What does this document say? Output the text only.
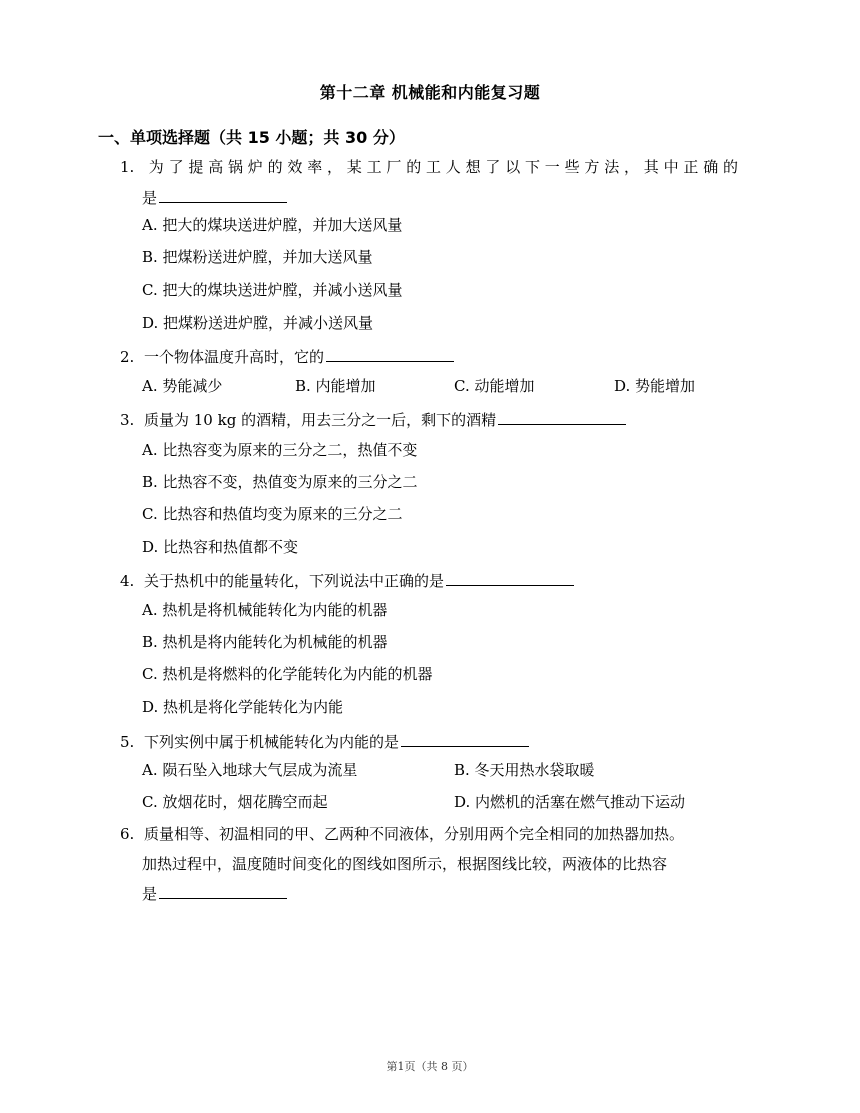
第十二章 机械能和内能复习题
一、单项选择题（共 15 小题；共 30 分）
1. 为了提高锅炉的效率，某工厂的工人想了以下一些方法，其中正确的
是
A. 把大的煤块送进炉膛，并加大送风量
B. 把煤粉送进炉膛，并加大送风量
C. 把大的煤块送进炉膛，并减小送风量
D. 把煤粉送进炉膛，并减小送风量
2. 一个物体温度升高时，它的
A. 势能减少	B. 内能增加	C. 动能增加	D. 势能增加
3. 质量为 10 kg 的酒精，用去三分之一后，剩下的酒精
A. 比热容变为原来的三分之二，热值不变
B. 比热容不变，热值变为原来的三分之二
C. 比热容和热值均变为原来的三分之二
D. 比热容和热值都不变
4. 关于热机中的能量转化，下列说法中正确的是
A. 热机是将机械能转化为内能的机器
B. 热机是将内能转化为机械能的机器
C. 热机是将燃料的化学能转化为内能的机器
D. 热机是将化学能转化为内能
5. 下列实例中属于机械能转化为内能的是
A. 陨石坠入地球大气层成为流星	B. 冬天用热水袋取暖
C. 放烟花时，烟花腾空而起	D. 内燃机的活塞在燃气推动下运动
6. 质量相等、初温相同的甲、乙两种不同液体，分别用两个完全相同的加热器加热。
加热过程中，温度随时间变化的图线如图所示，根据图线比较，两液体的比热容
是
第1页（共 8 页）
